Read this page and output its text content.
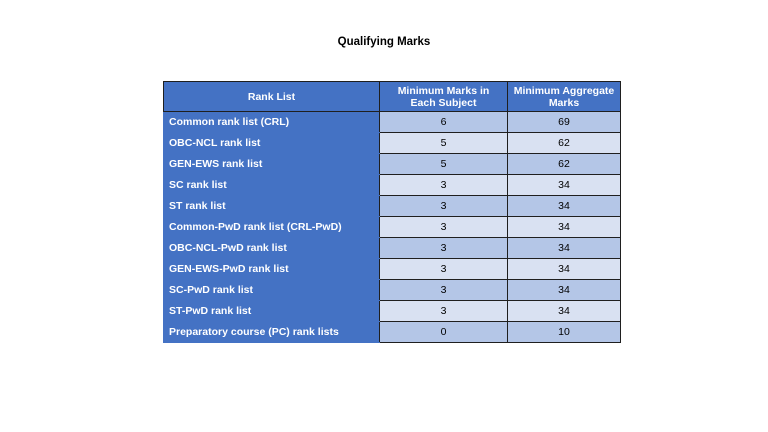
Qualifying Marks
Rank List	Minimum Marks in Each Subject	Minimum Aggregate Marks
Common rank list (CRL)	6	69
OBC-NCL rank list	5	62
GEN-EWS rank list	5	62
SC rank list	3	34
ST rank list	3	34
Common-PwD rank list (CRL-PwD)	3	34
OBC-NCL-PwD rank list	3	34
GEN-EWS-PwD rank list	3	34
SC-PwD rank list	3	34
ST-PwD rank list	3	34
Preparatory course (PC) rank lists	0	10
